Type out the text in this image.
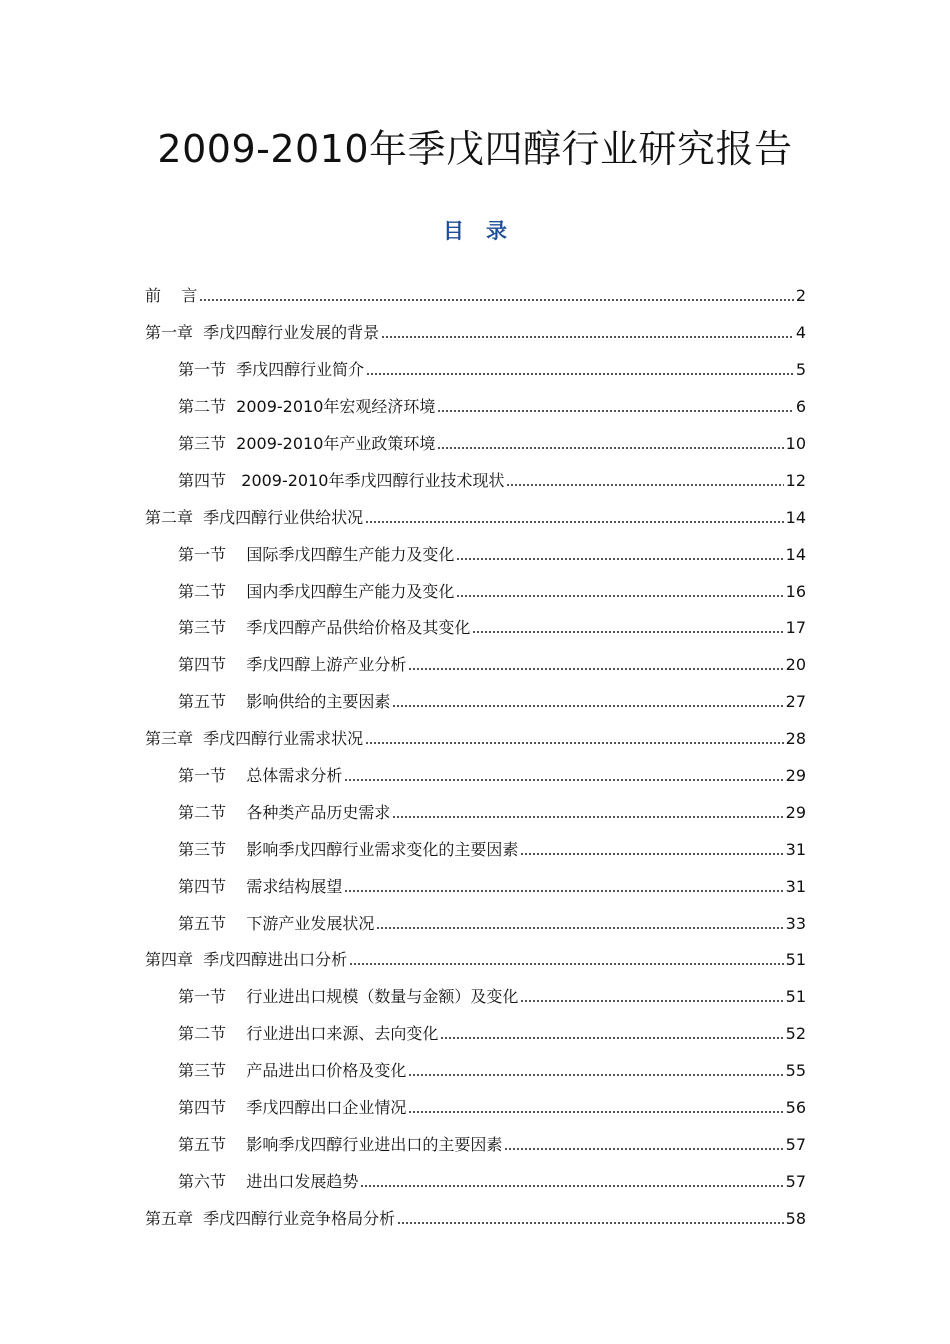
2009-2010年季戊四醇行业研究报告
目录
前    言	2
第一章  季戊四醇行业发展的背景	4
第一节  季戊四醇行业简介	5
第二节  2009-2010年宏观经济环境	6
第三节  2009-2010年产业政策环境	10
第四节   2009-2010年季戊四醇行业技术现状	12
第二章  季戊四醇行业供给状况	14
第一节    国际季戊四醇生产能力及变化	14
第二节    国内季戊四醇生产能力及变化	16
第三节    季戊四醇产品供给价格及其变化	17
第四节    季戊四醇上游产业分析	20
第五节    影响供给的主要因素	27
第三章  季戊四醇行业需求状况	28
第一节    总体需求分析	29
第二节    各种类产品历史需求	29
第三节    影响季戊四醇行业需求变化的主要因素	31
第四节    需求结构展望	31
第五节    下游产业发展状况	33
第四章  季戊四醇进出口分析	51
第一节    行业进出口规模（数量与金额）及变化	51
第二节    行业进出口来源、去向变化	52
第三节    产品进出口价格及变化	55
第四节    季戊四醇出口企业情况	56
第五节    影响季戊四醇行业进出口的主要因素	57
第六节    进出口发展趋势	57
第五章  季戊四醇行业竞争格局分析	58
